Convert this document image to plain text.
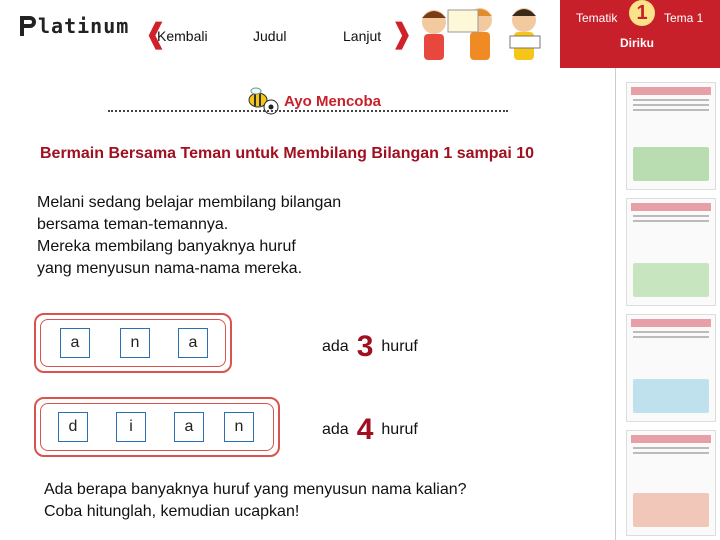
latinum ❰
Kembali	Judul	Lanjut ❱	Tematik 1	Tema 1
Diriku
Ayo Mencoba
Bermain Bersama Teman untuk Membilang Bilangan 1 sampai 10

Melani sedang belajar membilang bilangan

bersama teman-temannya.

Mereka membilang banyaknya huruf

yang menyusun nama-nama mereka.

a	n	a	ada 3 huruf
d	i	a	n	ada 4 huruf

Ada berapa banyaknya huruf yang menyusun nama kalian?

Coba hitunglah, kemudian ucapkan!
